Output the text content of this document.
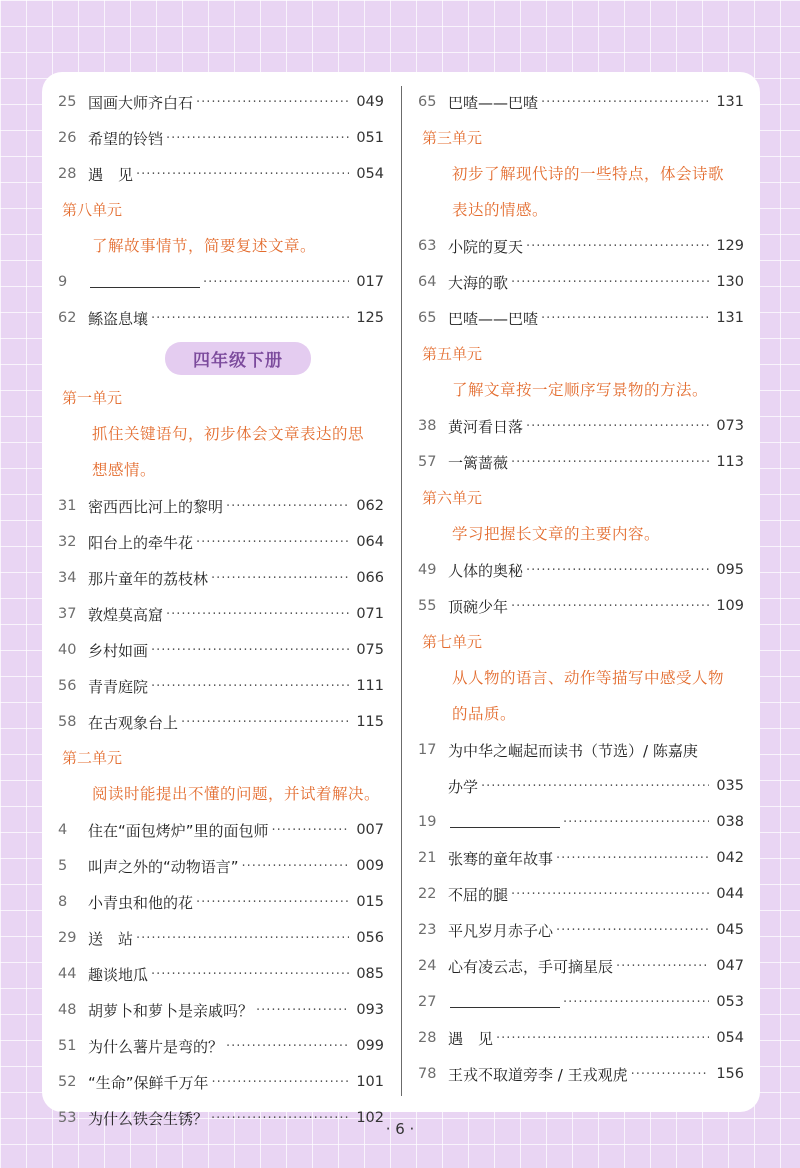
25 国画大师齐白石 ·····	049
26 希望的铃铛 ·····	051
28 遇　见 ·····	054
第八单元
了解故事情节，简要复述文章。
9 ·····	017
62 鲧盗息壤 ·····	125
四年级下册
第一单元
抓住关键语句，初步体会文章表达的思
想感情。
31 密西西比河上的黎明 ·····	062
32 阳台上的牵牛花 ·····	064
34 那片童年的荔枝林 ·····	066
37 敦煌莫高窟 ·····	071
40 乡村如画 ·····	075
56 青青庭院 ·····	111
58 在古观象台上 ·····	115
第二单元
阅读时能提出不懂的问题，并试着解决。
4	住在“面包烤炉”里的面包师 ·····	007
5	叫声之外的“动物语言” ·····	009
8	小青虫和他的花 ·····	015
29 送　站 ·····	056
44 趣谈地瓜 ·····	085
48 胡萝卜和萝卜是亲戚吗？ ·····	093
51 为什么薯片是弯的？ ·····	099
52 “生命”保鲜千万年 ·····	101
53 为什么铁会生锈？ ·····	102
65 巴喳——巴喳 ·····	131
第三单元
初步了解现代诗的一些特点，体会诗歌
表达的情感。
63 小院的夏天 ·····	129
64 大海的歌 ·····	130
65 巴喳——巴喳 ·····	131
第五单元
了解文章按一定顺序写景物的方法。
38 黄河看日落 ·····	073
57 一篱蔷薇 ·····	113
第六单元
学习把握长文章的主要内容。
49 人体的奥秘 ·····	095
55 顶碗少年 ·····	109
第七单元
从人物的语言、动作等描写中感受人物
的品质。
17 为中华之崛起而读书（节选）/ 陈嘉庚
办学 ·····	035
19 ·····	038
21 张骞的童年故事 ·····	042
22 不屈的腿 ·····	044
23 平凡岁月赤子心 ·····	045
24 心有凌云志，手可摘星辰 ·····	047
27 ·····	053
28 遇　见 ·····	054
78 王戎不取道旁李 / 王戎观虎 ·····	156
· 6 ·
